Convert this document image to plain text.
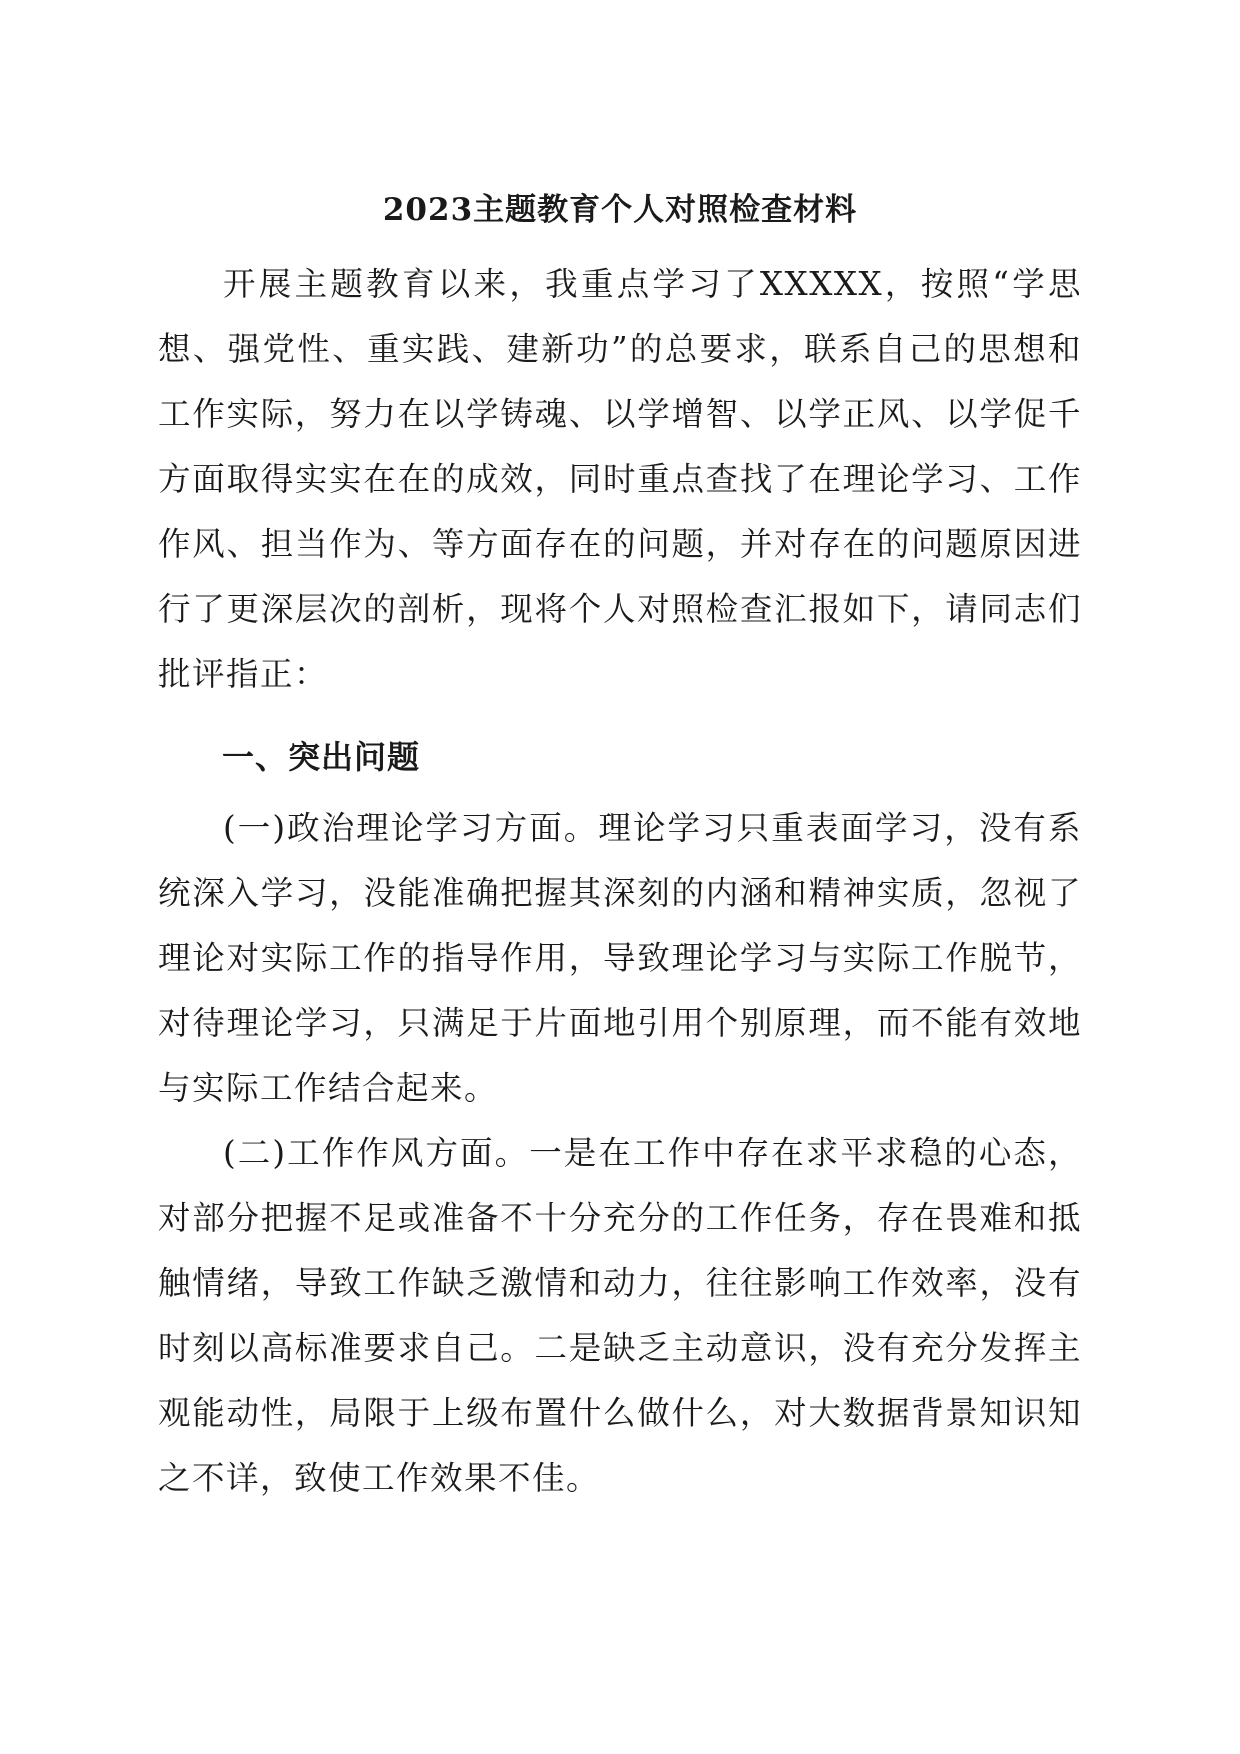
2023主题教育个人对照检查材料

开展主题教育以来，我重点学习了XXXXX，按照“学思想、强党性、重实践、建新功”的总要求，联系自己的思想和工作实际，努力在以学铸魂、以学增智、以学正风、以学促千方面取得实实在在的成效，同时重点查找了在理论学习、工作作风、担当作为、等方面存在的问题，并对存在的问题原因进行了更深层次的剖析，现将个人对照检查汇报如下，请同志们批评指正：

一、突出问题

(一)政治理论学习方面。理论学习只重表面学习，没有系统深入学习，没能准确把握其深刻的内涵和精神实质，忽视了理论对实际工作的指导作用，导致理论学习与实际工作脱节，对待理论学习，只满足于片面地引用个别原理，而不能有效地与实际工作结合起来。

(二)工作作风方面。一是在工作中存在求平求稳的心态，对部分把握不足或准备不十分充分的工作任务，存在畏难和抵触情绪，导致工作缺乏激情和动力，往往影响工作效率，没有时刻以高标准要求自己。二是缺乏主动意识，没有充分发挥主观能动性，局限于上级布置什么做什么，对大数据背景知识知之不详，致使工作效果不佳。
